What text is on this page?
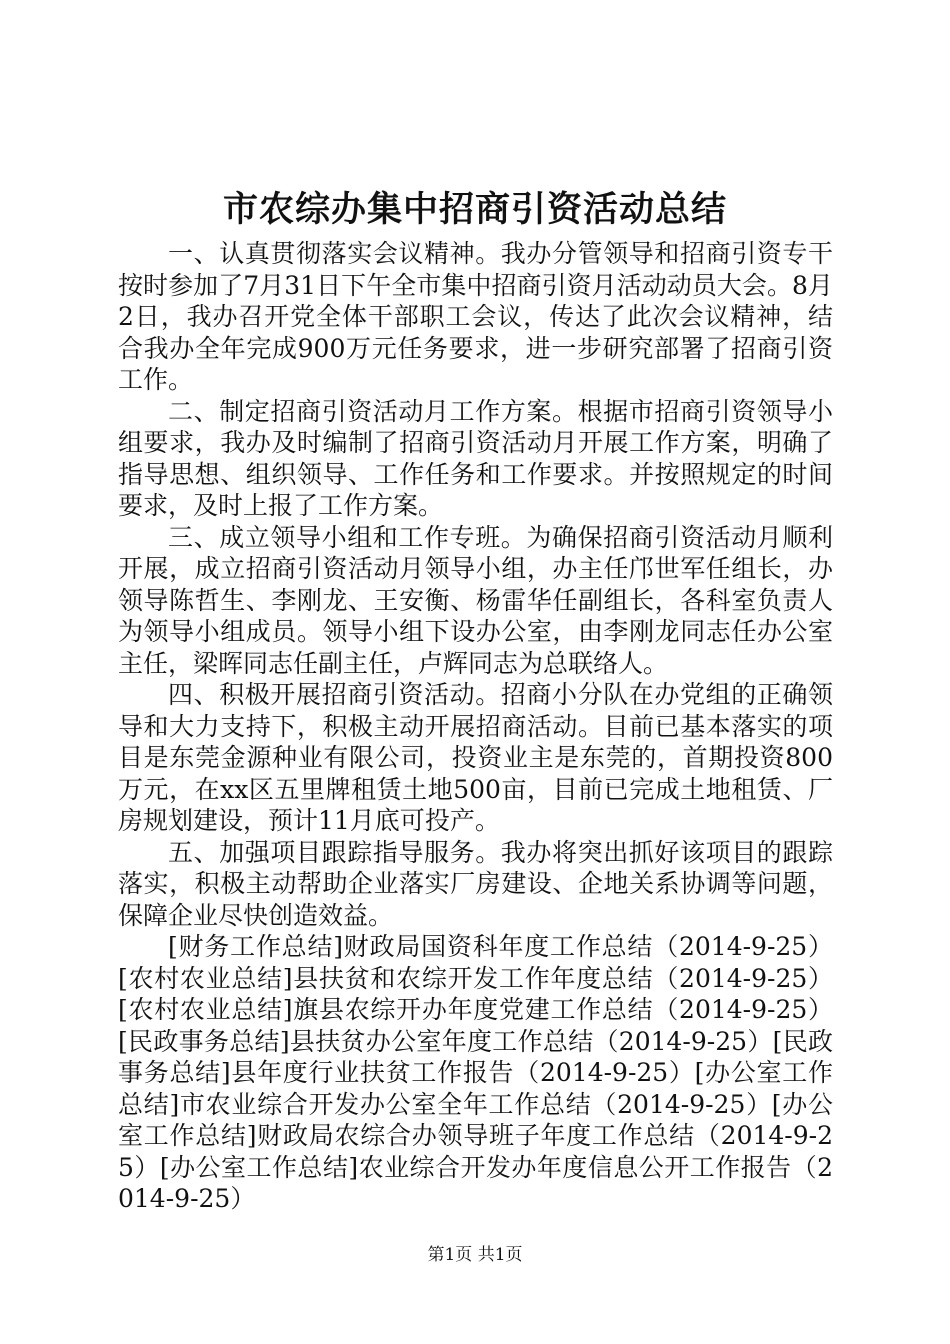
市农综办集中招商引资活动总结

一、认真贯彻落实会议精神。我办分管领导和招商引资专干按时参加了7月31日下午全市集中招商引资月活动动员大会。8月2日，我办召开党全体干部职工会议，传达了此次会议精神，结合我办全年完成900万元任务要求，进一步研究部署了招商引资工作。

二、制定招商引资活动月工作方案。根据市招商引资领导小组要求，我办及时编制了招商引资活动月开展工作方案，明确了指导思想、组织领导、工作任务和工作要求。并按照规定的时间要求，及时上报了工作方案。

三、成立领导小组和工作专班。为确保招商引资活动月顺利开展，成立招商引资活动月领导小组，办主任邝世军任组长，办领导陈哲生、李刚龙、王安衡、杨雷华任副组长，各科室负责人为领导小组成员。领导小组下设办公室，由李刚龙同志任办公室主任，梁晖同志任副主任，卢辉同志为总联络人。

四、积极开展招商引资活动。招商小分队在办党组的正确领导和大力支持下，积极主动开展招商活动。目前已基本落实的项目是东莞金源种业有限公司，投资业主是东莞的，首期投资800万元，在xx区五里牌租赁土地500亩，目前已完成土地租赁、厂房规划建设，预计11月底可投产。

五、加强项目跟踪指导服务。我办将突出抓好该项目的跟踪落实，积极主动帮助企业落实厂房建设、企地关系协调等问题，保障企业尽快创造效益。

[财务工作总结]财政局国资科年度工作总结（2014-9-25）[农村农业总结]县扶贫和农综开发工作年度总结（2014-9-25）[农村农业总结]旗县农综开办年度党建工作总结（2014-9-25）[民政事务总结]县扶贫办公室年度工作总结（2014-9-25）[民政事务总结]县年度行业扶贫工作报告（2014-9-25）[办公室工作总结]市农业综合开发办公室全年工作总结（2014-9-25）[办公室工作总结]财政局农综合办领导班子年度工作总结（2014-9-25）[办公室工作总结]农业综合开发办年度信息公开工作报告（2014-9-25）

第1页 共1页
